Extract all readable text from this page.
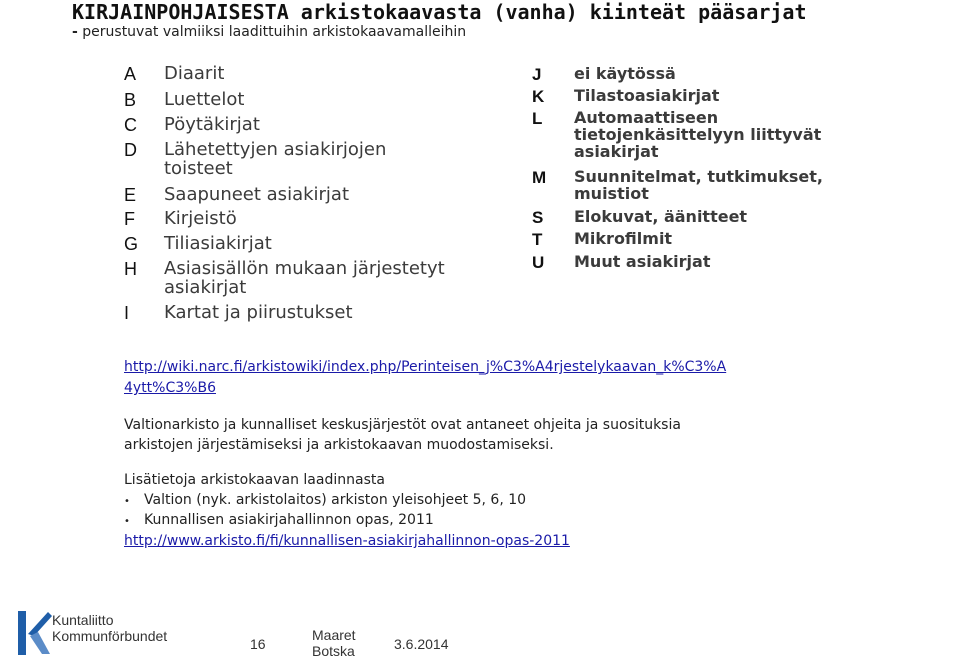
KIRJAINPOHJAISESTA arkistokaavasta (vanha) kiinteät pääsarjat
- perustuvat valmiiksi laadittuihin arkistokaavamalleihin
A	Diaarit
B	Luettelot
C	Pöytäkirjat
D	Lähetettyjen asiakirjojen
toisteet
E	Saapuneet asiakirjat
F	Kirjeistö
G	Tiliasiakirjat
H	Asiasisällön mukaan järjestetyt
asiakirjat
I	Kartat ja piirustukset
J	ei käytössä
K	Tilastoasiakirjat
L	Automaattiseen
tietojenkäsittelyyn liittyvät
asiakirjat
M	Suunnitelmat, tutkimukset,
muistiot
S	Elokuvat, äänitteet
T	Mikrofilmit
U	Muut asiakirjat
http://wiki.narc.fi/arkistowiki/index.php/Perinteisen_j%C3%A4rjestelykaavan_k%C3%A
4ytt%C3%B6
Valtionarkisto ja kunnalliset keskusjärjestöt ovat antaneet ohjeita ja suosituksia
arkistojen järjestämiseksi ja arkistokaavan muodostamiseksi.
Lisätietoja arkistokaavan laadinnasta
•	Valtion (nyk. arkistolaitos) arkiston yleisohjeet 5, 6, 10
•	Kunnallisen asiakirjahallinnon opas, 2011
http://www.arkisto.fi/fi/kunnallisen-asiakirjahallinnon-opas-2011
Kuntaliitto
Kommunförbundet	16
Maaret
Botska	3.6.2014
